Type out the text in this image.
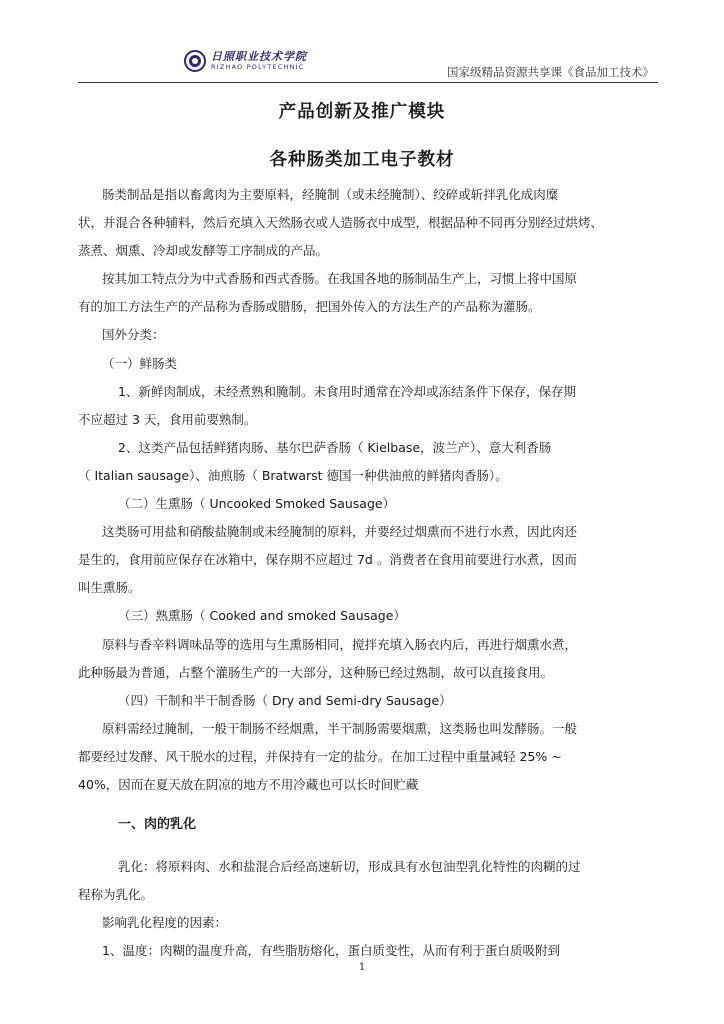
日照职业技术学院
RIZHAO POLYTECHNIC	国家级精品资源共享课《食品加工技术》
产品创新及推广模块
各种肠类加工电子教材

肠类制品是指以畜禽肉为主要原料，经腌制（或未经腌制）、绞碎或斩拌乳化成肉糜

状，并混合各种辅料，然后充填入天然肠衣或人造肠衣中成型，根据品种不同再分别经过烘烤、

蒸煮、烟熏、冷却或发酵等工序制成的产品。

按其加工特点分为中式香肠和西式香肠。在我国各地的肠制品生产上，习惯上将中国原

有的加工方法生产的产品称为香肠或腊肠，把国外传入的方法生产的产品称为灌肠。

国外分类：

（一）鲜肠类

1、新鲜肉制成，未经煮熟和腌制。未食用时通常在冷却或冻结条件下保存，保存期

不应超过 3 天，食用前要熟制。

2、这类产品包括鲜猪肉肠、基尔巴萨香肠（ Kielbase，波兰产）、意大利香肠

（ Italian sausage）、油煎肠（ Bratwarst 德国一种供油煎的鲜猪肉香肠）。

（二）生熏肠（ Uncooked Smoked Sausage）

这类肠可用盐和硝酸盐腌制或未经腌制的原料，并要经过烟熏而不进行水煮，因此肉还

是生的，食用前应保存在冰箱中，保存期不应超过 7d 。消费者在食用前要进行水煮，因而

叫生熏肠。

（三）熟熏肠（ Cooked and smoked Sausage）

原料与香辛料调味品等的选用与生熏肠相同，搅拌充填入肠衣内后，再进行烟熏水煮，

此种肠最为普通，占整个灌肠生产的一大部分，这种肠已经过熟制，故可以直接食用。

（四）干制和半干制香肠（ Dry and Semi-dry Sausage）

原料需经过腌制，一般干制肠不经烟熏，半干制肠需要烟熏，这类肠也叫发酵肠。一般

都要经过发酵、风干脱水的过程，并保持有一定的盐分。在加工过程中重量减轻 25% ~

40%，因而在夏天放在阴凉的地方不用冷藏也可以长时间贮藏

一、肉的乳化

乳化：将原料肉、水和盐混合后经高速斩切，形成具有水包油型乳化特性的肉糊的过

程称为乳化。

影响乳化程度的因素：

1、温度：肉糊的温度升高，有些脂肪熔化，蛋白质变性，从而有利于蛋白质吸附到

1
